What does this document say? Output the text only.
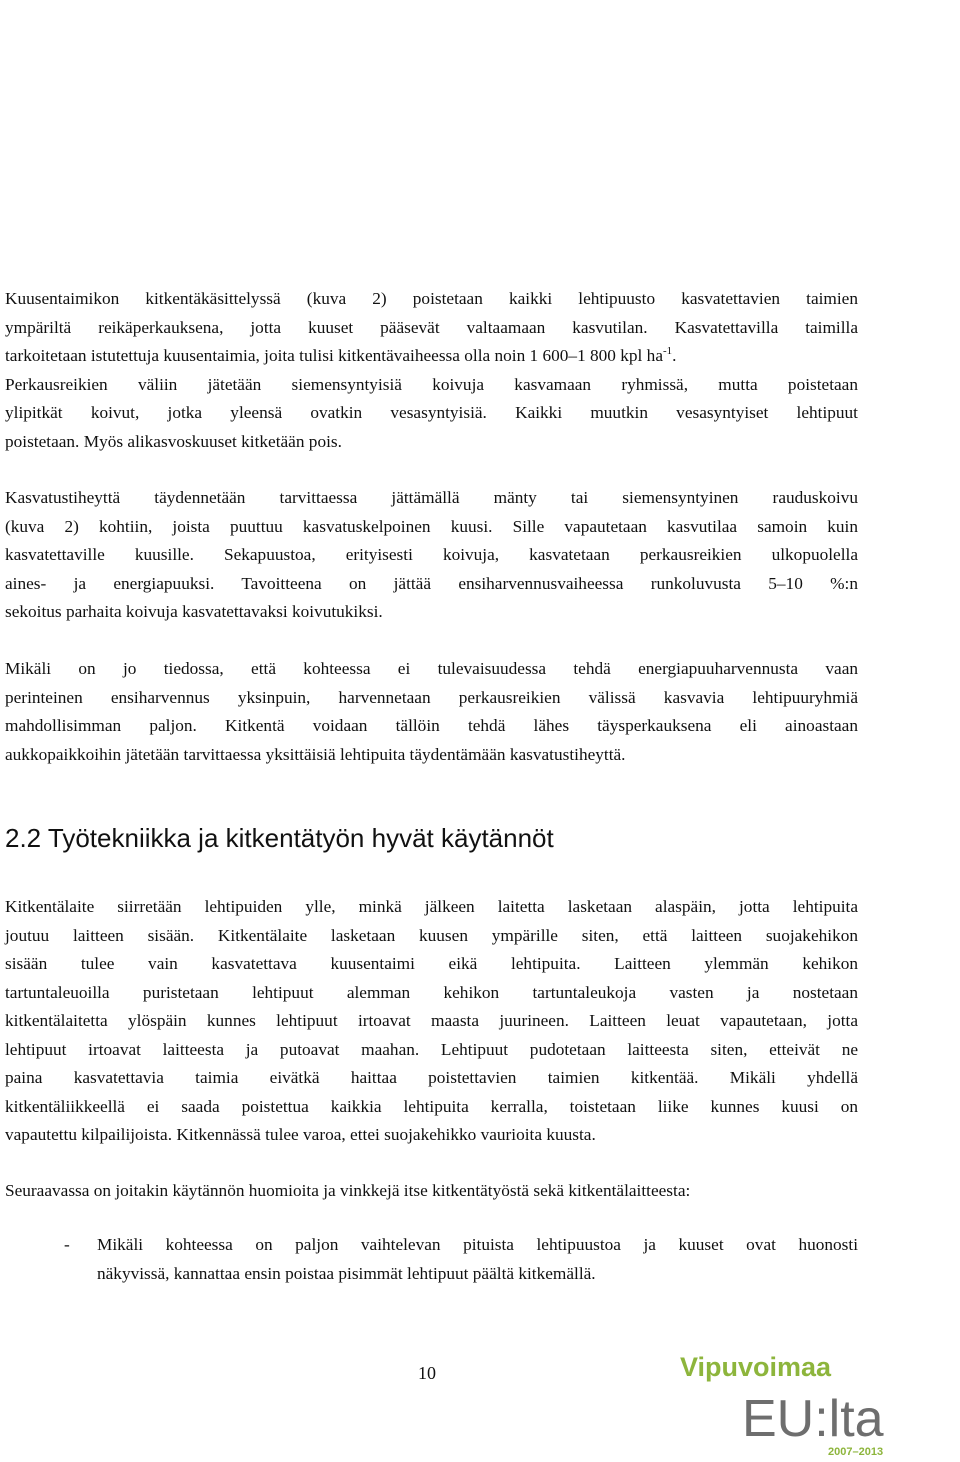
Kuusentaimikon kitkentäkäsittelyssä (kuva 2) poistetaan kaikki lehtipuusto kasvatettavien taimien
ympäriltä reikäperkauksena, jotta kuuset pääsevät valtaamaan kasvutilan. Kasvatettavilla taimilla
tarkoitetaan istutettuja kuusentaimia, joita tulisi kitkentävaiheessa olla noin 1 600–1 800 kpl $ha^{-1}$.
Perkausreikien väliin jätetään siemensyntyisiä koivuja kasvamaan ryhmissä, mutta poistetaan
ylipitkät koivut, jotka yleensä ovatkin vesasyntyisiä. Kaikki muutkin vesasyntyiset lehtipuut
poistetaan. Myös alikasvoskuuset kitketään pois.
Kasvatustiheyttä täydennetään tarvittaessa jättämällä mänty tai siemensyntyinen rauduskoivu
(kuva 2) kohtiin, joista puuttuu kasvatuskelpoinen kuusi. Sille vapautetaan kasvutilaa samoin kuin
kasvatettaville kuusille. Sekapuustoa, erityisesti koivuja, kasvatetaan perkausreikien ulkopuolella
aines- ja energiapuuksi. Tavoitteena on jättää ensiharvennusvaiheessa runkoluvusta 5–10 %:n
sekoitus parhaita koivuja kasvatettavaksi koivutukiksi.
Mikäli on jo tiedossa, että kohteessa ei tulevaisuudessa tehdä energiapuuharvennusta vaan
perinteinen ensiharvennus yksinpuin, harvennetaan perkausreikien välissä kasvavia lehtipuuryhmiä
mahdollisimman paljon. Kitkentä voidaan tällöin tehdä lähes täysperkauksena eli ainoastaan
aukkopaikkoihin jätetään tarvittaessa yksittäisiä lehtipuita täydentämään kasvatustiheyttä.
2.2 Työtekniikka ja kitkentätyön hyvät käytännöt
Kitkentälaite siirretään lehtipuiden ylle, minkä jälkeen laitetta lasketaan alaspäin, jotta lehtipuita
joutuu laitteen sisään. Kitkentälaite lasketaan kuusen ympärille siten, että laitteen suojakehikon
sisään tulee vain kasvatettava kuusentaimi eikä lehtipuita. Laitteen ylemmän kehikon
tartuntaleuoilla puristetaan lehtipuut alemman kehikon tartuntaleukoja vasten ja nostetaan
kitkentälaitetta ylöspäin kunnes lehtipuut irtoavat maasta juurineen. Laitteen leuat vapautetaan, jotta
lehtipuut irtoavat laitteesta ja putoavat maahan. Lehtipuut pudotetaan laitteesta siten, etteivät ne
paina kasvatettavia taimia eivätkä haittaa poistettavien taimien kitkentää. Mikäli yhdellä
kitkentäliikkeellä ei saada poistettua kaikkia lehtipuita kerralla, toistetaan liike kunnes kuusi on
vapautettu kilpailijoista. Kitkennässä tulee varoa, ettei suojakehikko vaurioita kuusta.
Seuraavassa on joitakin käytännön huomioita ja vinkkejä itse kitkentätyöstä sekä kitkentälaitteesta:
- Mikäli kohteessa on paljon vaihtelevan pituista lehtipuustoa ja kuuset ovat huonosti
näkyvissä, kannattaa ensin poistaa pisimmät lehtipuut päältä kitkemällä.
10	Vipuvoimaa
EU:lta
2007–2013
